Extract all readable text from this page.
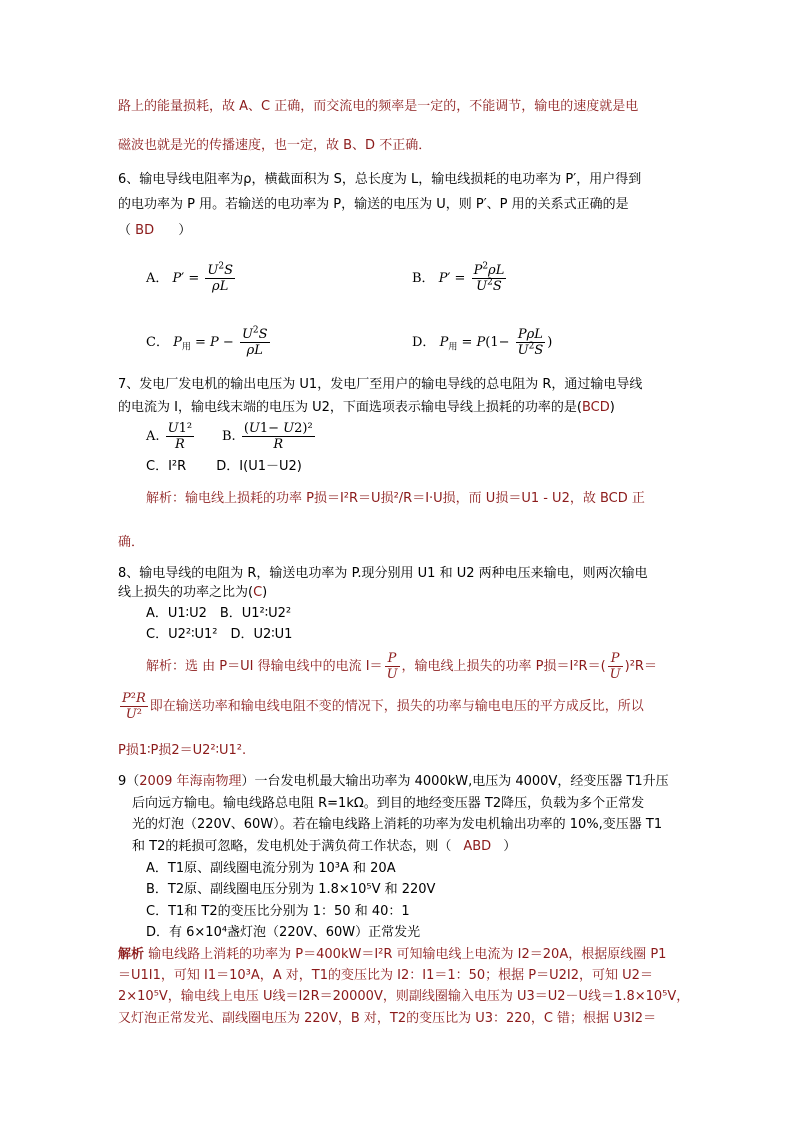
路上的能量损耗，故 A、C 正确，而交流电的频率是一定的，不能调节，输电的速度就是电
磁波也就是光的传播速度，也一定，故 B、D 不正确．
6、输电导线电阻率为ρ，横截面积为 S，总长度为 L，输电线损耗的电功率为 P′，用户得到
的电功率为 P 用。若输送的电功率为 P，输送的电压为 U，则 P′、P 用的关系式正确的是
（ BD ）
A． $P' = \frac{U^2S}{\rho L}$	B． $P' = \frac{P^2\rho L}{U^2S}$
C． $P_用 = P - \frac{U^2S}{\rho L}$	D． $P_用 = P(1- \frac{\text{PρL}}{U^2S}$ )
7、发电厂发电机的输出电压为 U1，发电厂至用户的输电导线的总电阻为 R，通过输电导线
的电流为 I，输电线末端的电压为 U2，下面选项表示输电导线上损耗的功率的是(BCD)
A. $\frac{\text{U1²}}{R} B$. $\frac{\text{(U1− U2)²}}{R}$
C．I²R D．I(U1－U2)
解析：输电线上损耗的功率 P损＝I²R＝U损²/R＝I·U损，而 U损＝U1 - U2，故 BCD 正
确．
8、输电导线的电阻为 R，输送电功率为 P.现分别用 U1 和 U2 两种电压来输电，则两次输电
线上损失的功率之比为(C)
A．U1∶U2　B．U1²∶U2²
C．U2²∶U1²　D．U2∶U1
解析：选 由 P＝UI 得输电线中的电流 $I= \frac{P}{U}$ ，输电线上损失的功率 P损$=I^2R=( \frac{P}{U} )^2R=$
$\frac{\text{P²R}}{\text{U²}}$ 即在输送功率和输电线电阻不变的情况下，损失的功率与输电电压的平方成反比，所以
P损1∶P损2＝U2²∶U1².
9（2009 年海南物理）一台发电机最大输出功率为 4000kW,电压为 4000V，经变压器 T1升压
后向远方输电。输电线路总电阻 R=1kΩ。到目的地经变压器 T2降压，负载为多个正常发
光的灯泡（220V、60W）。若在输电线路上消耗的功率为发电机输出功率的 10%,变压器 T1
和 T2的耗损可忽略，发电机处于满负荷工作状态，则（ ABD ）
A．T1原、副线圈电流分别为 10³A 和 20A
B．T2原、副线圈电压分别为 1.8×10⁵V 和 220V
C．T1和 T2的变压比分别为 1：50 和 40：1
D．有 6×10⁴盏灯泡（220V、60W）正常发光
解析 输电线路上消耗的功率为 P＝400kW＝I²R 可知输电线上电流为 I2＝20A，根据原线圈 P1
＝U1I1，可知 I1＝10³A，A 对，T1的变压比为 I2：I1＝1：50；根据 P＝U2I2，可知 U2＝
2×10⁵V，输电线上电压 U线＝I2R＝20000V，则副线圈输入电压为 U3＝U2－U线＝1.8×10⁵V，
又灯泡正常发光、副线圈电压为 220V，B 对，T2的变压比为 U3：220，C 错；根据 U3I2＝
